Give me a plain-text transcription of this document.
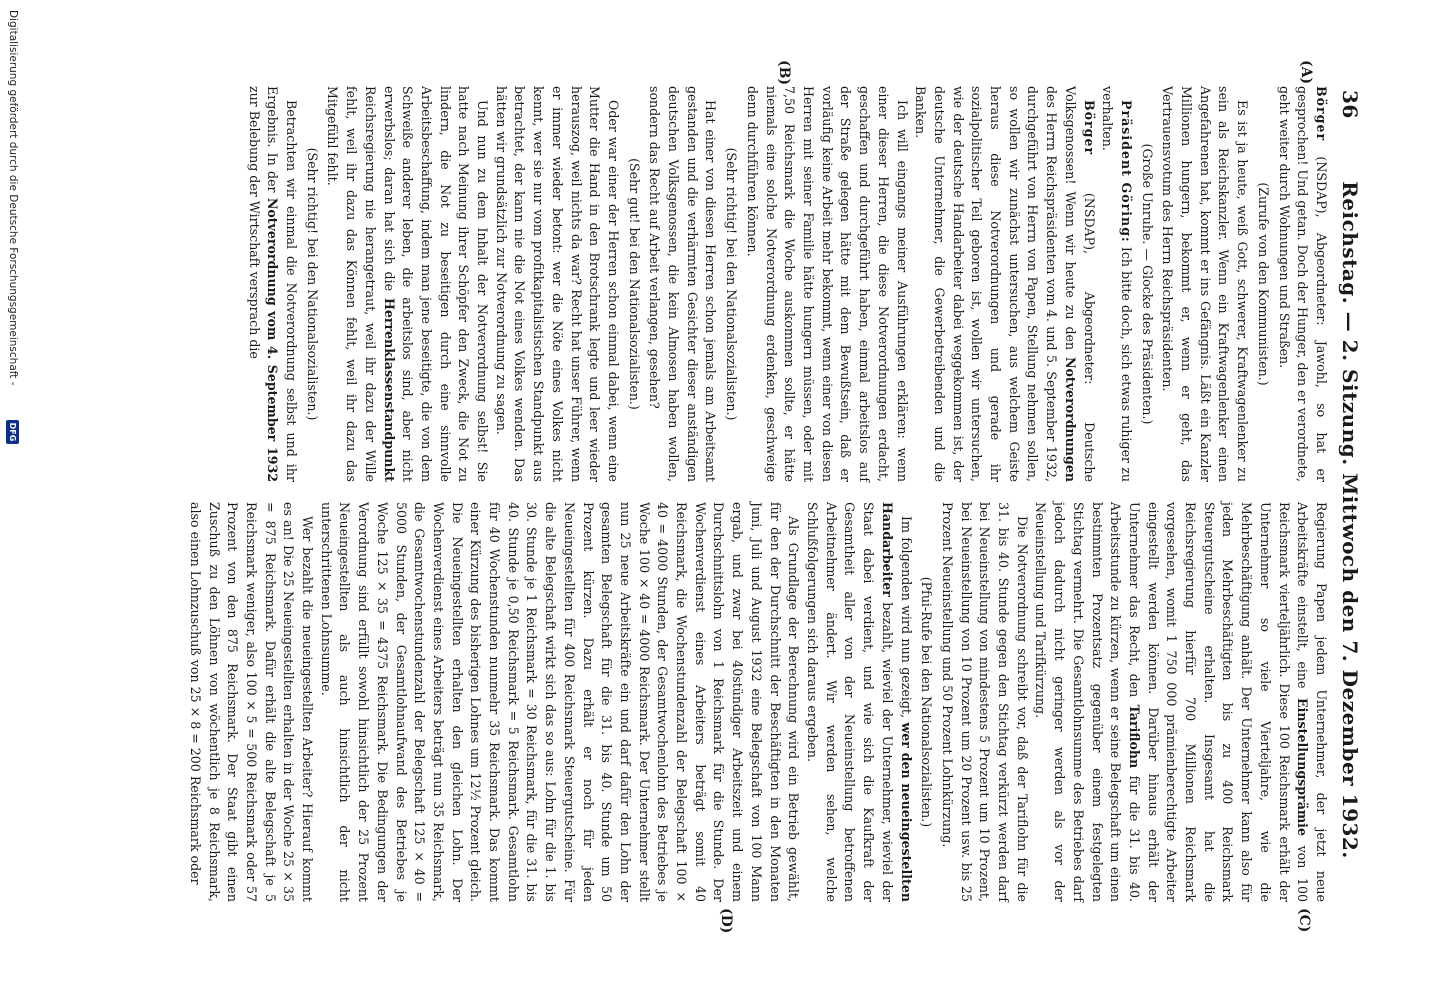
36
Reichstag. — 2. Sitzung. Mittwoch den 7. Dezember 1932.
(A)
(B)
(C)
(D)

Börger (NSDAP), Abgeordneter: Jawohl, so hat er gesprochen! Und getan. Doch der Hunger, den er verordnete, geht weiter durch Wohnungen und Straßen.

(Zurufe von den Kommunisten.)

Es ist ja heute, weiß Gott, schwerer, Kraftwagenlenker zu sein als Reichskanzler. Wenn ein Kraftwagenlenker einen Angefahrenen hat, kommt er ins Gefängnis. Läßt ein Kanzler Millionen hungern, bekommt er, wenn er geht, das Vertrauensvotum des Herrn Reichspräsidenten.

(Große Unruhe. — Glocke des Präsidenten.)

Präsident Göring: Ich bitte doch, sich etwas ruhiger zu verhalten.

Börger (NSDAP), Abgeordneter: Deutsche Volksgenossen! Wenn wir heute zu den Notverordnungen des Herrn Reichspräsidenten vom 4. und 5. September 1932, durchgeführt von Herrn von Papen, Stellung nehmen sollen, so wollen wir zunächst untersuchen, aus welchem Geiste heraus diese Notverordnungen und gerade ihr sozialpolitischer Teil geboren ist, wollen wir untersuchen, wie der deutsche Handarbeiter dabei weggekommen ist, der deutsche Unternehmer, die Gewerbetreibenden und die Banken.

Ich will eingangs meiner Ausführungen erklären: wenn einer dieser Herren, die diese Notverordnungen erdacht, geschaffen und durchgeführt haben, einmal arbeitslos auf der Straße gelegen hätte mit dem Bewußtsein, daß er vorläufig keine Arbeit mehr bekommt, wenn einer von diesen Herren mit seiner Familie hätte hungern müssen, oder mit 7,50 Reichsmark die Woche auskommen sollte, er hätte niemals eine solche Notverordnung erdenken, geschweige denn durchführen können.

(Sehr richtig! bei den Nationalsozialisten.)

Hat einer von diesen Herren schon jemals am Arbeitsamt gestanden und die verhärmten Gesichter dieser anständigen deutschen Volksgenossen, die kein Almosen haben wollen, sondern das Recht auf Arbeit verlangen, gesehen?

(Sehr gut! bei den Nationalsozialisten.)

Oder war einer der Herren schon einmal dabei, wenn eine Mutter die Hand in den Brotschrank legte und leer wieder herauszog, weil nichts da war? Recht hat unser Führer, wenn er immer wieder betont: wer die Nöte eines Volkes nicht kennt, wer sie nur vom profitkapitalistischen Standpunkt aus betrachtet, der kann nie die Not eines Volkes wenden. Das hätten wir grundsätzlich zur Notverordnung zu sagen.

Und nun zu dem Inhalt der Notverordnung selbst! Sie hatte nach Meinung ihrer Schöpfer den Zweck, die Not zu lindern, die Not zu beseitigen durch eine sinnvolle Arbeitsbeschaffung, indem man jene beseitigte, die von dem Schweiße anderer leben, die arbeitslos sind, aber nicht erwerbslos; daran hat sich die Herrenklassenstandpunkt Reichsregierung nie herangetraut, weil ihr dazu der Wille fehlt, weil ihr dazu das Können fehlt, weil ihr dazu das Mitgefühl fehlt.

(Sehr richtig! bei den Nationalsozialisten.)

Betrachten wir einmal die Notverordnung selbst und ihr Ergebnis. In der Notverordnung vom 4. September 1932 zur Belebung der Wirtschaft versprach die

Regierung Papen jedem Unternehmer, der jetzt neue Arbeitskräfte einstellt, eine Einstellungsprämie von 100 Reichsmark vierteljährlich. Diese 100 Reichsmark erhält der Unternehmer so viele Vierteljahre, wie die Mehrbeschäftigung anhält. Der Unternehmer kann also für jeden Mehrbeschäftigten bis zu 400 Reichsmark Steuergutscheine erhalten. Insgesamt hat die Reichsregierung hierfür 700 Millionen Reichsmark vorgesehen, womit 1 750 000 prämienberechtigte Arbeiter eingestellt werden können. Darüber hinaus erhält der Unternehmer das Recht, den Tariflohn für die 31. bis 40. Arbeitsstunde zu kürzen, wenn er seine Belegschaft um einen bestimmten Prozentsatz gegenüber einem festgelegten Stichtag vermehrt. Die Gesamtlohnsumme des Betriebes darf jedoch dadurch nicht geringer werden als vor der Neueinstellung und Tarifkürzung.

Die Notverordnung schreibt vor, daß der Tariflohn für die 31. bis 40. Stunde gegen den Stichtag verkürzt werden darf bei Neueinstellung von mindestens 5 Prozent um 10 Prozent, bei Neueinstellung von 10 Prozent um 20 Prozent usw. bis 25 Prozent Neueinstellung und 50 Prozent Lohnkürzung.

(Pfui-Rufe bei den Nationalsozialisten.)

Im folgenden wird nun gezeigt, wer den neueingestellten Handarbeiter bezahlt, wieviel der Unternehmer, wieviel der Staat dabei verdient, und wie sich die Kaufkraft der Gesamtheit aller von der Neueinstellung betroffenen Arbeitnehmer ändert. Wir werden sehen, welche Schlußfolgerungen sich daraus ergeben.

Als Grundlage der Berechnung wird ein Betrieb gewählt, für den der Durchschnitt der Beschäftigten in den Monaten Juni, Juli und August 1932 eine Belegschaft von 100 Mann ergab, und zwar bei 40stündiger Arbeitszeit und einem Durchschnittslohn von 1 Reichsmark für die Stunde. Der Wochenverdienst eines Arbeiters beträgt somit 40 Reichsmark, die Wochenstundenzahl der Belegschaft 100 × 40 = 4000 Stunden, der Gesamtwochenlohn des Betriebes je Woche 100 × 40 = 4000 Reichsmark. Der Unternehmer stellt nun 25 neue Arbeitskräfte ein und darf dafür den Lohn der gesamten Belegschaft für die 31. bis 40. Stunde um 50 Prozent kürzen. Dazu erhält er noch für jeden Neueingestellten für 400 Reichsmark Steuergutscheine. Für die alte Belegschaft wirkt sich das so aus: Lohn für die 1. bis 30. Stunde je 1 Reichsmark = 30 Reichsmark, für die 31. bis 40. Stunde je 0,50 Reichsmark = 5 Reichsmark. Gesamtlohn für 40 Wochenstunden nunmehr 35 Reichsmark. Das kommt einer Kürzung des bisherigen Lohnes um 12½ Prozent gleich. Die Neueingestellten erhalten den gleichen Lohn. Der Wochenverdienst eines Arbeiters beträgt nun 35 Reichsmark, die Gesamtwochenstundenzahl der Belegschaft 125 × 40 = 5000 Stunden, der Gesamtlohnaufwand des Betriebes je Woche 125 × 35 = 4375 Reichsmark. Die Bedingungen der Verordnung sind erfüllt sowohl hinsichtlich der 25 Prozent Neueingestellten als auch hinsichtlich der nicht unterschrittenen Lohnsumme.

Wer bezahlt die neueingestellten Arbeiter? Hierauf kommt es an! Die 25 Neueingestellten erhalten in der Woche 25 × 35 = 875 Reichsmark. Dafür erhält die alte Belegschaft je 5 Reichsmark weniger, also 100 × 5 = 500 Reichsmark oder 57 Prozent von den 875 Reichsmark. Der Staat gibt einen Zuschuß zu den Löhnen von wöchentlich je 8 Reichsmark, also einen Lohnzuschuß von 25 × 8 = 200 Reichsmark oder

Digitalisierung gefördert durch die Deutsche Forschungsgemeinschaft -
DFG
